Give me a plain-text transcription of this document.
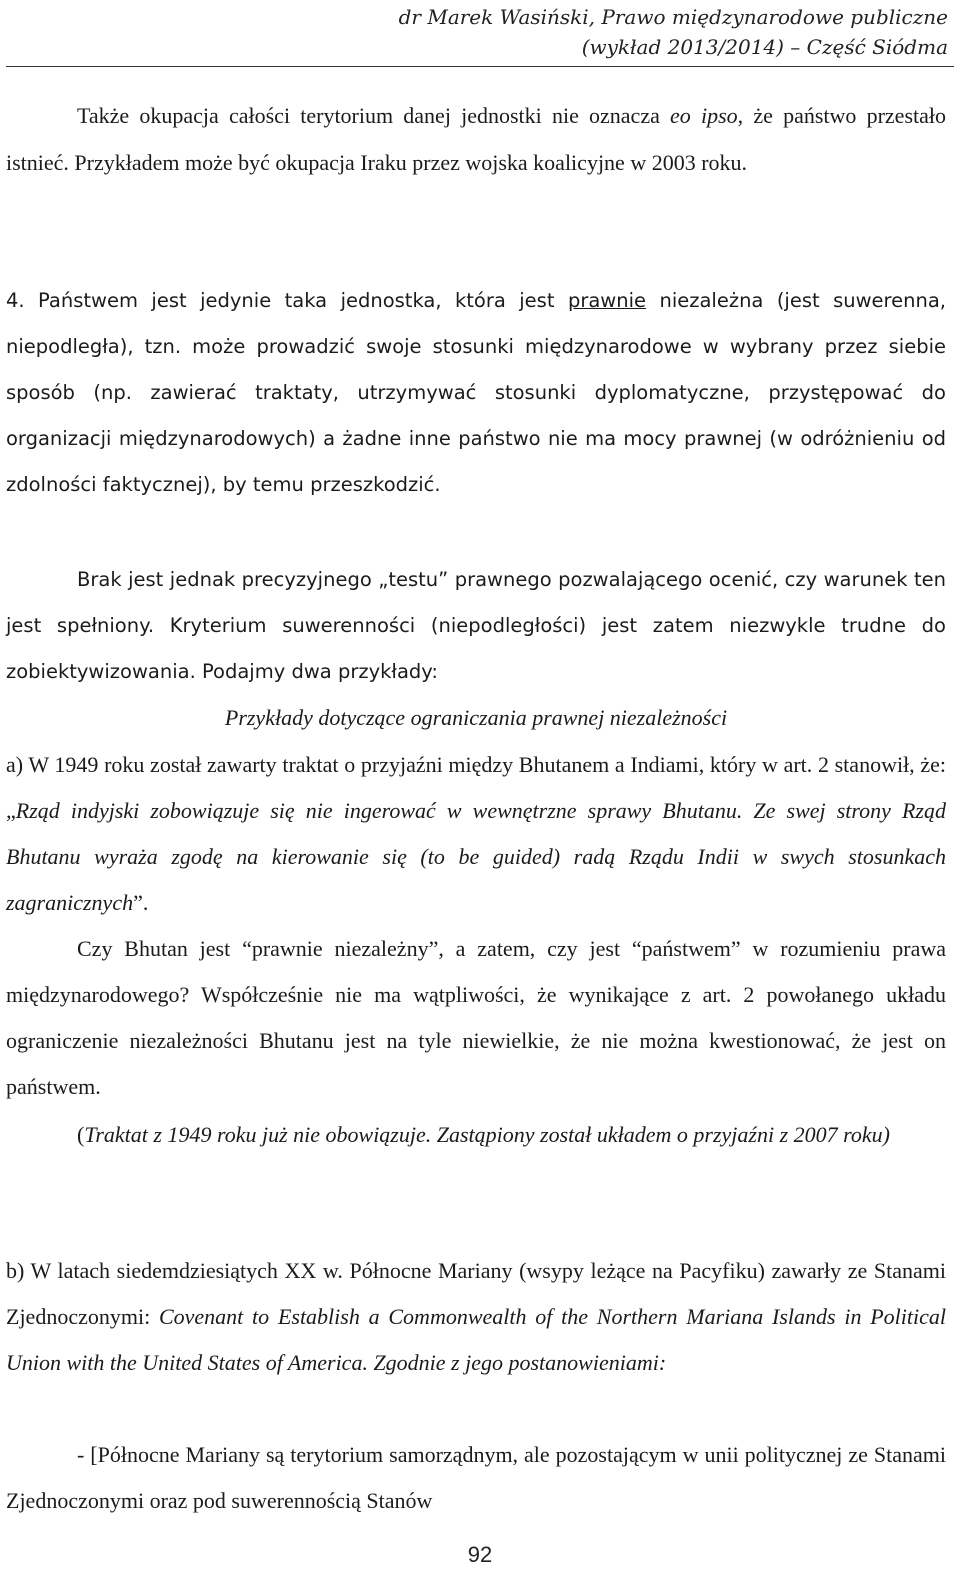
dr Marek Wasiński, Prawo międzynarodowe publiczne
(wykład 2013/2014) – Część Siódma

Także okupacja całości terytorium danej jednostki nie oznacza eo ipso, że państwo przestało istnieć. Przykładem może być okupacja Iraku przez wojska koalicyjne w 2003 roku.

4. Państwem jest jedynie taka jednostka, która jest prawnie niezależna (jest suwerenna, niepodległa), tzn. może prowadzić swoje stosunki międzynarodowe w wybrany przez siebie sposób (np. zawierać traktaty, utrzymywać stosunki dyplomatyczne, przystępować do organizacji międzynarodowych) a żadne inne państwo nie ma mocy prawnej (w odróżnieniu od zdolności faktycznej), by temu przeszkodzić.

Brak jest jednak precyzyjnego „testu” prawnego pozwalającego ocenić, czy warunek ten jest spełniony. Kryterium suwerenności (niepodległości) jest zatem niezwykle trudne do zobiektywizowania. Podajmy dwa przykłady:

Przykłady dotyczące ograniczania prawnej niezależności

a) W 1949 roku został zawarty traktat o przyjaźni między Bhutanem a Indiami, który w art. 2 stanowił, że: „Rząd indyjski zobowiązuje się nie ingerować w wewnętrzne sprawy Bhutanu. Ze swej strony Rząd Bhutanu wyraża zgodę na kierowanie się (to be guided) radą Rządu Indii w swych stosunkach zagranicznych”.

Czy Bhutan jest “prawnie niezależny”, a zatem, czy jest “państwem” w rozumieniu prawa międzynarodowego? Współcześnie nie ma wątpliwości, że wynikające z art. 2 powołanego układu ograniczenie niezależności Bhutanu jest na tyle niewielkie, że nie można kwestionować, że jest on państwem.

(Traktat z 1949 roku już nie obowiązuje. Zastąpiony został układem o przyjaźni z 2007 roku)

b) W latach siedemdziesiątych XX w. Północne Mariany (wsypy leżące na Pacyfiku) zawarły ze Stanami Zjednoczonymi: Covenant to Establish a Commonwealth of the Northern Mariana Islands in Political Union with the United States of America. Zgodnie z jego postanowieniami:

- [Północne Mariany są terytorium samorządnym, ale pozostającym w unii politycznej ze Stanami Zjednoczonymi oraz pod suwerennością Stanów

92
